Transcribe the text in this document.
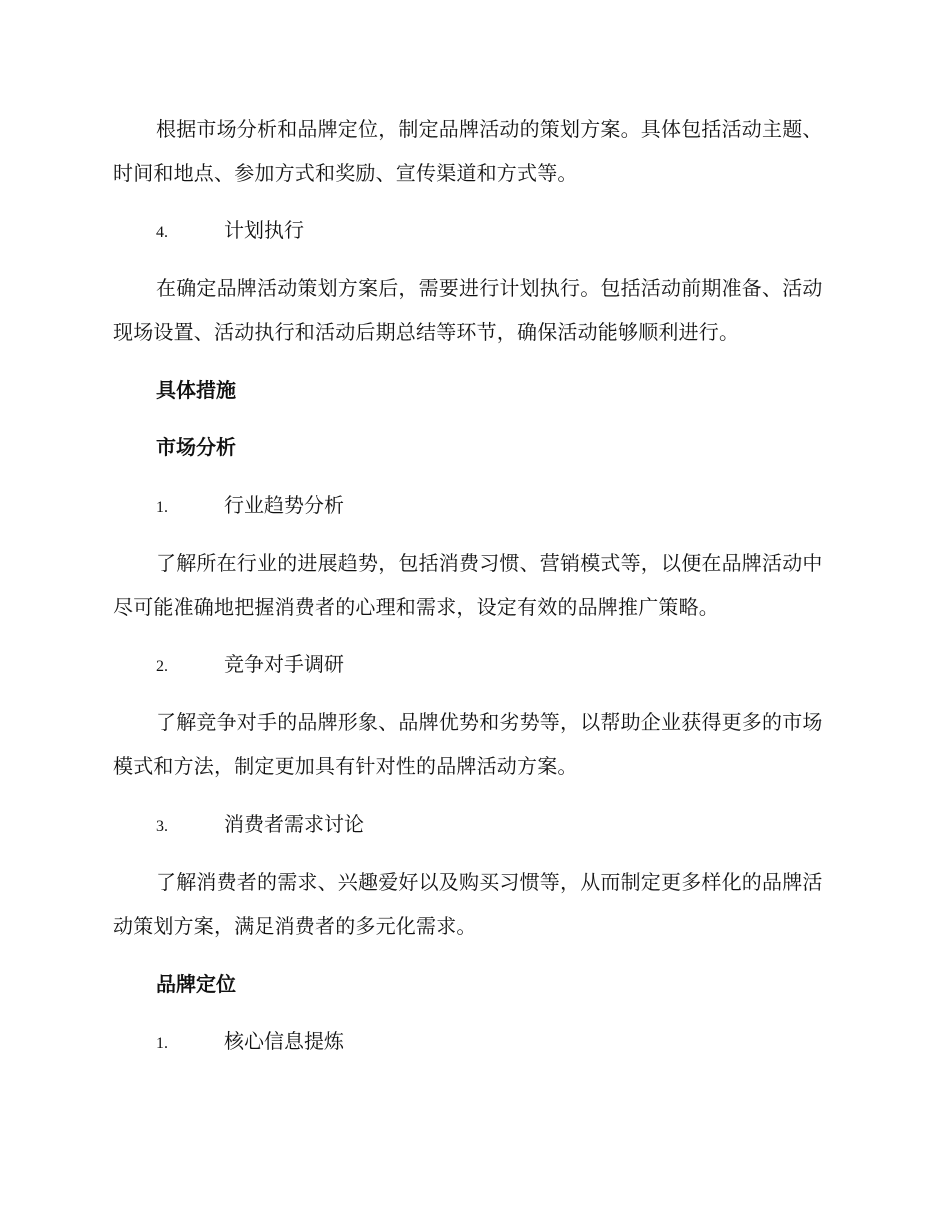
根据市场分析和品牌定位，制定品牌活动的策划方案。具体包括活动主题、时间和地点、参加方式和奖励、宣传渠道和方式等。
4.	计划执行
在确定品牌活动策划方案后，需要进行计划执行。包括活动前期准备、活动现场设置、活动执行和活动后期总结等环节，确保活动能够顺利进行。
具体措施
市场分析
1.	行业趋势分析
了解所在行业的进展趋势，包括消费习惯、营销模式等，以便在品牌活动中尽可能准确地把握消费者的心理和需求，设定有效的品牌推广策略。
2.	竞争对手调研
了解竞争对手的品牌形象、品牌优势和劣势等，以帮助企业获得更多的市场模式和方法，制定更加具有针对性的品牌活动方案。
3.	消费者需求讨论
了解消费者的需求、兴趣爱好以及购买习惯等，从而制定更多样化的品牌活动策划方案，满足消费者的多元化需求。
品牌定位
1.	核心信息提炼
